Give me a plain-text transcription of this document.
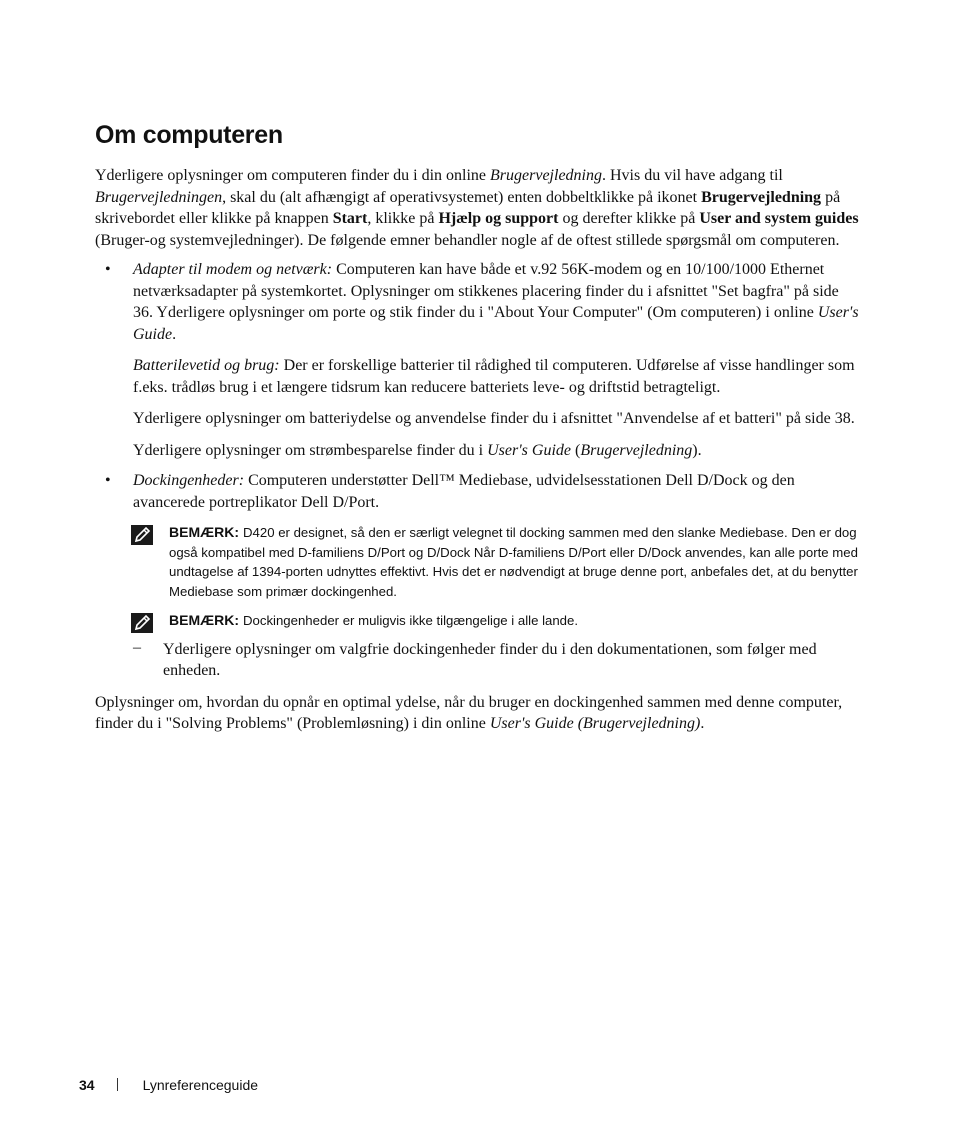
Om computeren

Yderligere oplysninger om computeren finder du i din online Brugervejledning. Hvis du vil have adgang til Brugervejledningen, skal du (alt afhængigt af operativsystemet) enten dobbeltklikke på ikonet Brugervejledning på skrivebordet eller klikke på knappen Start, klikke på Hjælp og support og derefter klikke på User and system guides (Bruger-og systemvejledninger). De følgende emner behandler nogle af de oftest stillede spørgsmål om computeren.

• Adapter til modem og netværk: Computeren kan have både et v.92 56K-modem og en 10/100/1000 Ethernet netværksadapter på systemkortet. Oplysninger om stikkenes placering finder du i afsnittet "Set bagfra" på side 36. Yderligere oplysninger om porte og stik finder du i "About Your Computer" (Om computeren) i online User's Guide.

Batterilevetid og brug: Der er forskellige batterier til rådighed til computeren. Udførelse af visse handlinger som f.eks. trådløs brug i et længere tidsrum kan reducere batteriets leve- og driftstid betragteligt.

Yderligere oplysninger om batteriydelse og anvendelse finder du i afsnittet "Anvendelse af et batteri" på side 38.

Yderligere oplysninger om strømbesparelse finder du i User's Guide (Brugervejledning).

• Dockingenheder: Computeren understøtter Dell™ Mediebase, udvidelsesstationen Dell D/Dock og den avancerede portreplikator Dell D/Port.

BEMÆRK: D420 er designet, så den er særligt velegnet til docking sammen med den slanke Mediebase. Den er dog også kompatibel med D-familiens D/Port og D/Dock Når D-familiens D/Port eller D/Dock anvendes, kan alle porte med undtagelse af 1394-porten udnyttes effektivt. Hvis det er nødvendigt at bruge denne port, anbefales det, at du benytter Mediebase som primær dockingenhed.
BEMÆRK: Dockingenheder er muligvis ikke tilgængelige i alle lande.
– Yderligere oplysninger om valgfrie dockingenheder finder du i den dokumentationen, som følger med enheden.

Oplysninger om, hvordan du opnår en optimal ydelse, når du bruger en dockingenhed sammen med denne computer, finder du i "Solving Problems" (Problemløsning) i din online User's Guide (Brugervejledning).

34	Lynreferenceguide
